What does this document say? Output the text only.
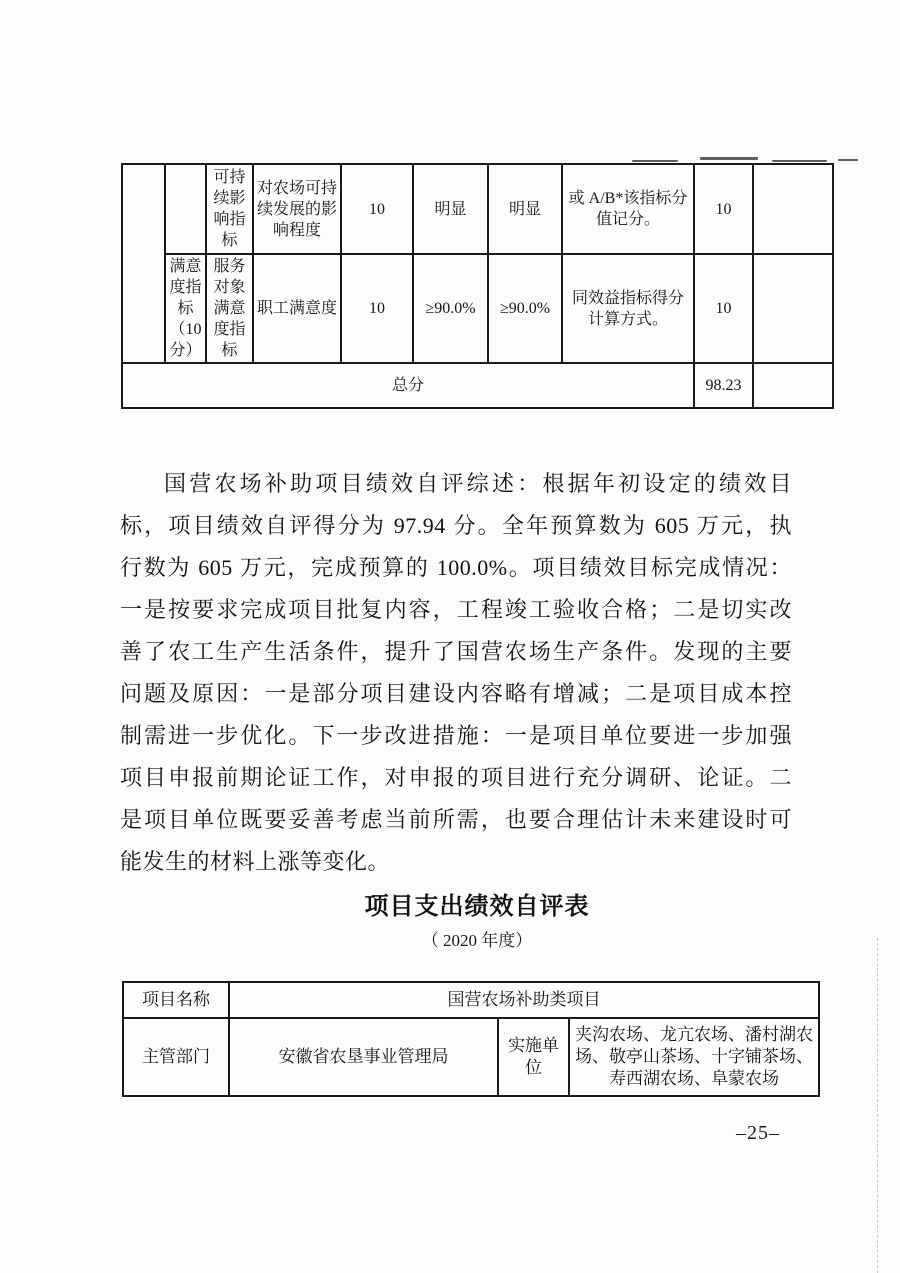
		可持续影响指标	对农场可持续发展的影响程度	10	明显	明显	或 A/B*该指标分值记分。	10	
	满意度指标（10分）	服务对象满意度指标	职工满意度	10	≥90.0%	≥90.0%	同效益指标得分计算方式。	10	
总分								98.23	
国营农场补助项目绩效自评综述：根据年初设定的绩效目
标，项目绩效自评得分为 97.94 分。全年预算数为 605 万元，执
行数为 605 万元，完成预算的 100.0%。项目绩效目标完成情况：
一是按要求完成项目批复内容，工程竣工验收合格；二是切实改
善了农工生产生活条件，提升了国营农场生产条件。发现的主要
问题及原因：一是部分项目建设内容略有增减；二是项目成本控
制需进一步优化。下一步改进措施：一是项目单位要进一步加强
项目申报前期论证工作，对申报的项目进行充分调研、论证。二
是项目单位既要妥善考虑当前所需，也要合理估计未来建设时可
能发生的材料上涨等变化。
项目支出绩效自评表
（ 2020 年度）
项目名称	国营农场补助类项目		
主管部门	安徽省农垦事业管理局	实施单位	夹沟农场、龙亢农场、潘村湖农场、敬亭山茶场、十字铺茶场、寿西湖农场、阜蒙农场
–25–
